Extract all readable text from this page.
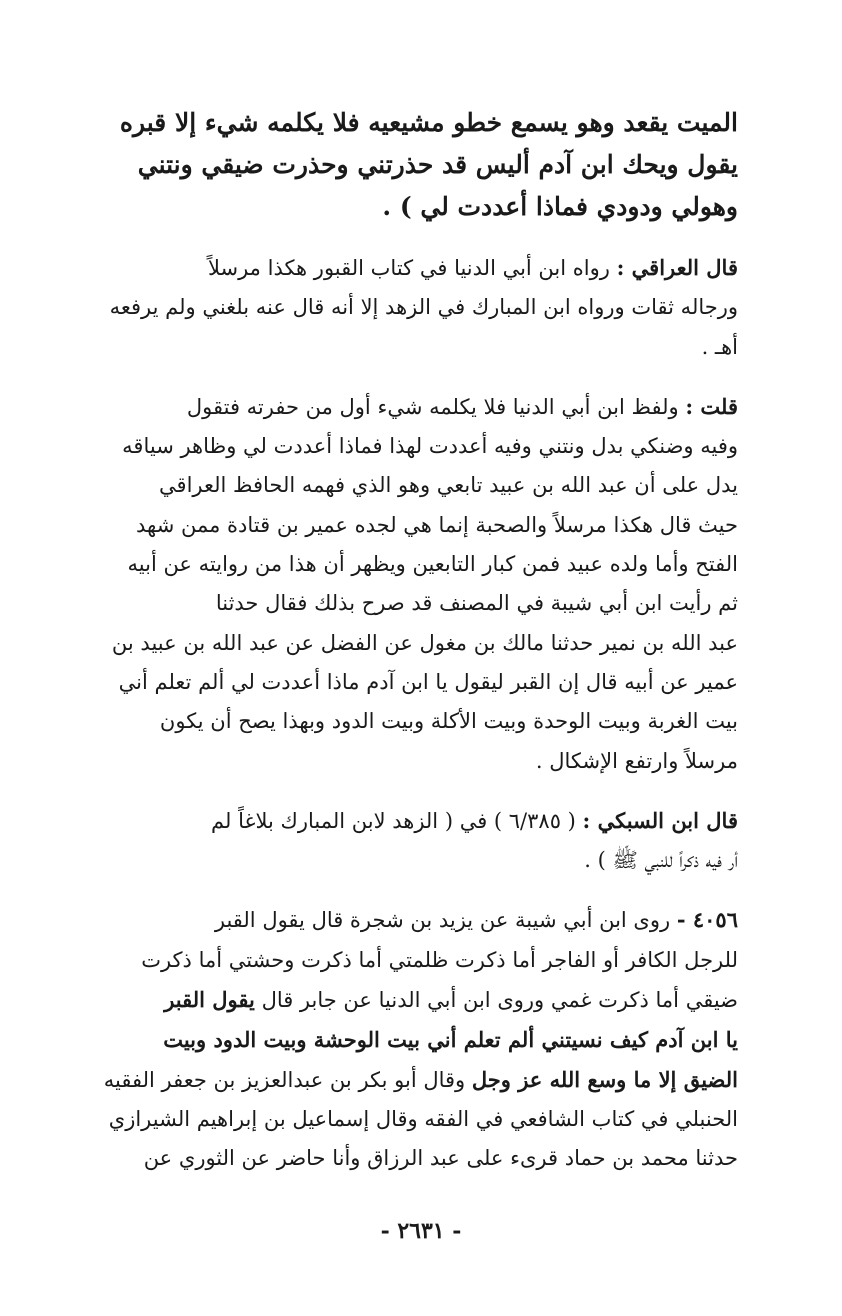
الميت يقعد وهو يسمع خطو مشيعيه فلا يكلمه شيء إلا قبره
يقول ويحك ابن آدم أليس قد حذرتني وحذرت ضيقي ونتني
وهولي ودودي فماذا أعددت لي ) .

قال العراقي : رواه ابن أبي الدنيا في كتاب القبور هكذا مرسلاً
ورجاله ثقات ورواه ابن المبارك في الزهد إلا أنه قال عنه بلغني ولم يرفعه
أهـ .

قلت : ولفظ ابن أبي الدنيا فلا يكلمه شيء أول من حفرته فتقول
وفيه وضنكي بدل ونتني وفيه أعددت لهذا فماذا أعددت لي وظاهر سياقه
يدل على أن عبد الله بن عبيد تابعي وهو الذي فهمه الحافظ العراقي
حيث قال هكذا مرسلاً والصحبة إنما هي لجده عمير بن قتادة ممن شهد
الفتح وأما ولده عبيد فمن كبار التابعين ويظهر أن هذا من روايته عن أبيه
ثم رأيت ابن أبي شيبة في المصنف قد صرح بذلك فقال حدثنا
عبد الله بن نمير حدثنا مالك بن مغول عن الفضل عن عبد الله بن عبيد بن
عمير عن أبيه قال إن القبر ليقول يا ابن آدم ماذا أعددت لي ألم تعلم أني
بيت الغربة وبيت الوحدة وبيت الأكلة وبيت الدود وبهذا يصح أن يكون
مرسلاً وارتفع الإشكال .

قال ابن السبكي : ( ٦/٣٨٥ ) في ( الزهد لابن المبارك بلاغاً لم
أر فيه ذكراً للنبي ﷺ ) .

٤٠٥٦ - روى ابن أبي شيبة عن يزيد بن شجرة قال يقول القبر
للرجل الكافر أو الفاجر أما ذكرت ظلمتي أما ذكرت وحشتي أما ذكرت
ضيقي أما ذكرت غمي وروى ابن أبي الدنيا عن جابر قال يقول القبر
يا ابن آدم كيف نسيتني ألم تعلم أني بيت الوحشة وبيت الدود وبيت
الضيق إلا ما وسع الله عز وجل وقال أبو بكر بن عبدالعزيز بن جعفر الفقيه
الحنبلي في كتاب الشافعي في الفقه وقال إسماعيل بن إبراهيم الشيرازي
حدثنا محمد بن حماد قرىء على عبد الرزاق وأنا حاضر عن الثوري عن

- ٢٦٣١ -
